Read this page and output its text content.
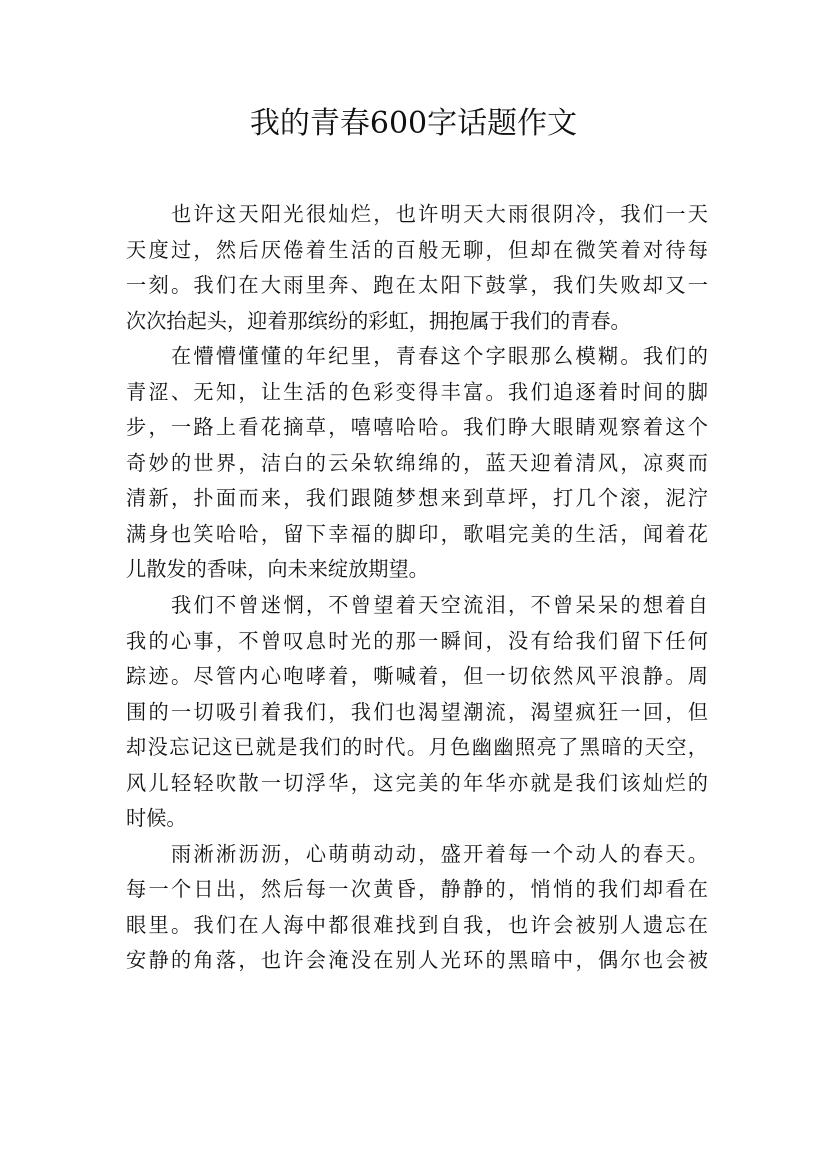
我的青春600字话题作文
也许这天阳光很灿烂，也许明天大雨很阴冷，我们一天
天度过，然后厌倦着生活的百般无聊，但却在微笑着对待每
一刻。我们在大雨里奔、跑在太阳下鼓掌，我们失败却又一
次次抬起头，迎着那缤纷的彩虹，拥抱属于我们的青春。
在懵懵懂懂的年纪里，青春这个字眼那么模糊。我们的
青涩、无知，让生活的色彩变得丰富。我们追逐着时间的脚
步，一路上看花摘草，嘻嘻哈哈。我们睁大眼睛观察着这个
奇妙的世界，洁白的云朵软绵绵的，蓝天迎着清风，凉爽而
清新，扑面而来，我们跟随梦想来到草坪，打几个滚，泥泞
满身也笑哈哈，留下幸福的脚印，歌唱完美的生活，闻着花
儿散发的香味，向未来绽放期望。
我们不曾迷惘，不曾望着天空流泪，不曾呆呆的想着自
我的心事，不曾叹息时光的那一瞬间，没有给我们留下任何
踪迹。尽管内心咆哮着，嘶喊着，但一切依然风平浪静。周
围的一切吸引着我们，我们也渴望潮流，渴望疯狂一回，但
却没忘记这已就是我们的时代。月色幽幽照亮了黑暗的天空，
风儿轻轻吹散一切浮华，这完美的年华亦就是我们该灿烂的
时候。
雨淅淅沥沥，心萌萌动动，盛开着每一个动人的春天。
每一个日出，然后每一次黄昏，静静的，悄悄的我们却看在
眼里。我们在人海中都很难找到自我，也许会被别人遗忘在
安静的角落，也许会淹没在别人光环的黑暗中，偶尔也会被
